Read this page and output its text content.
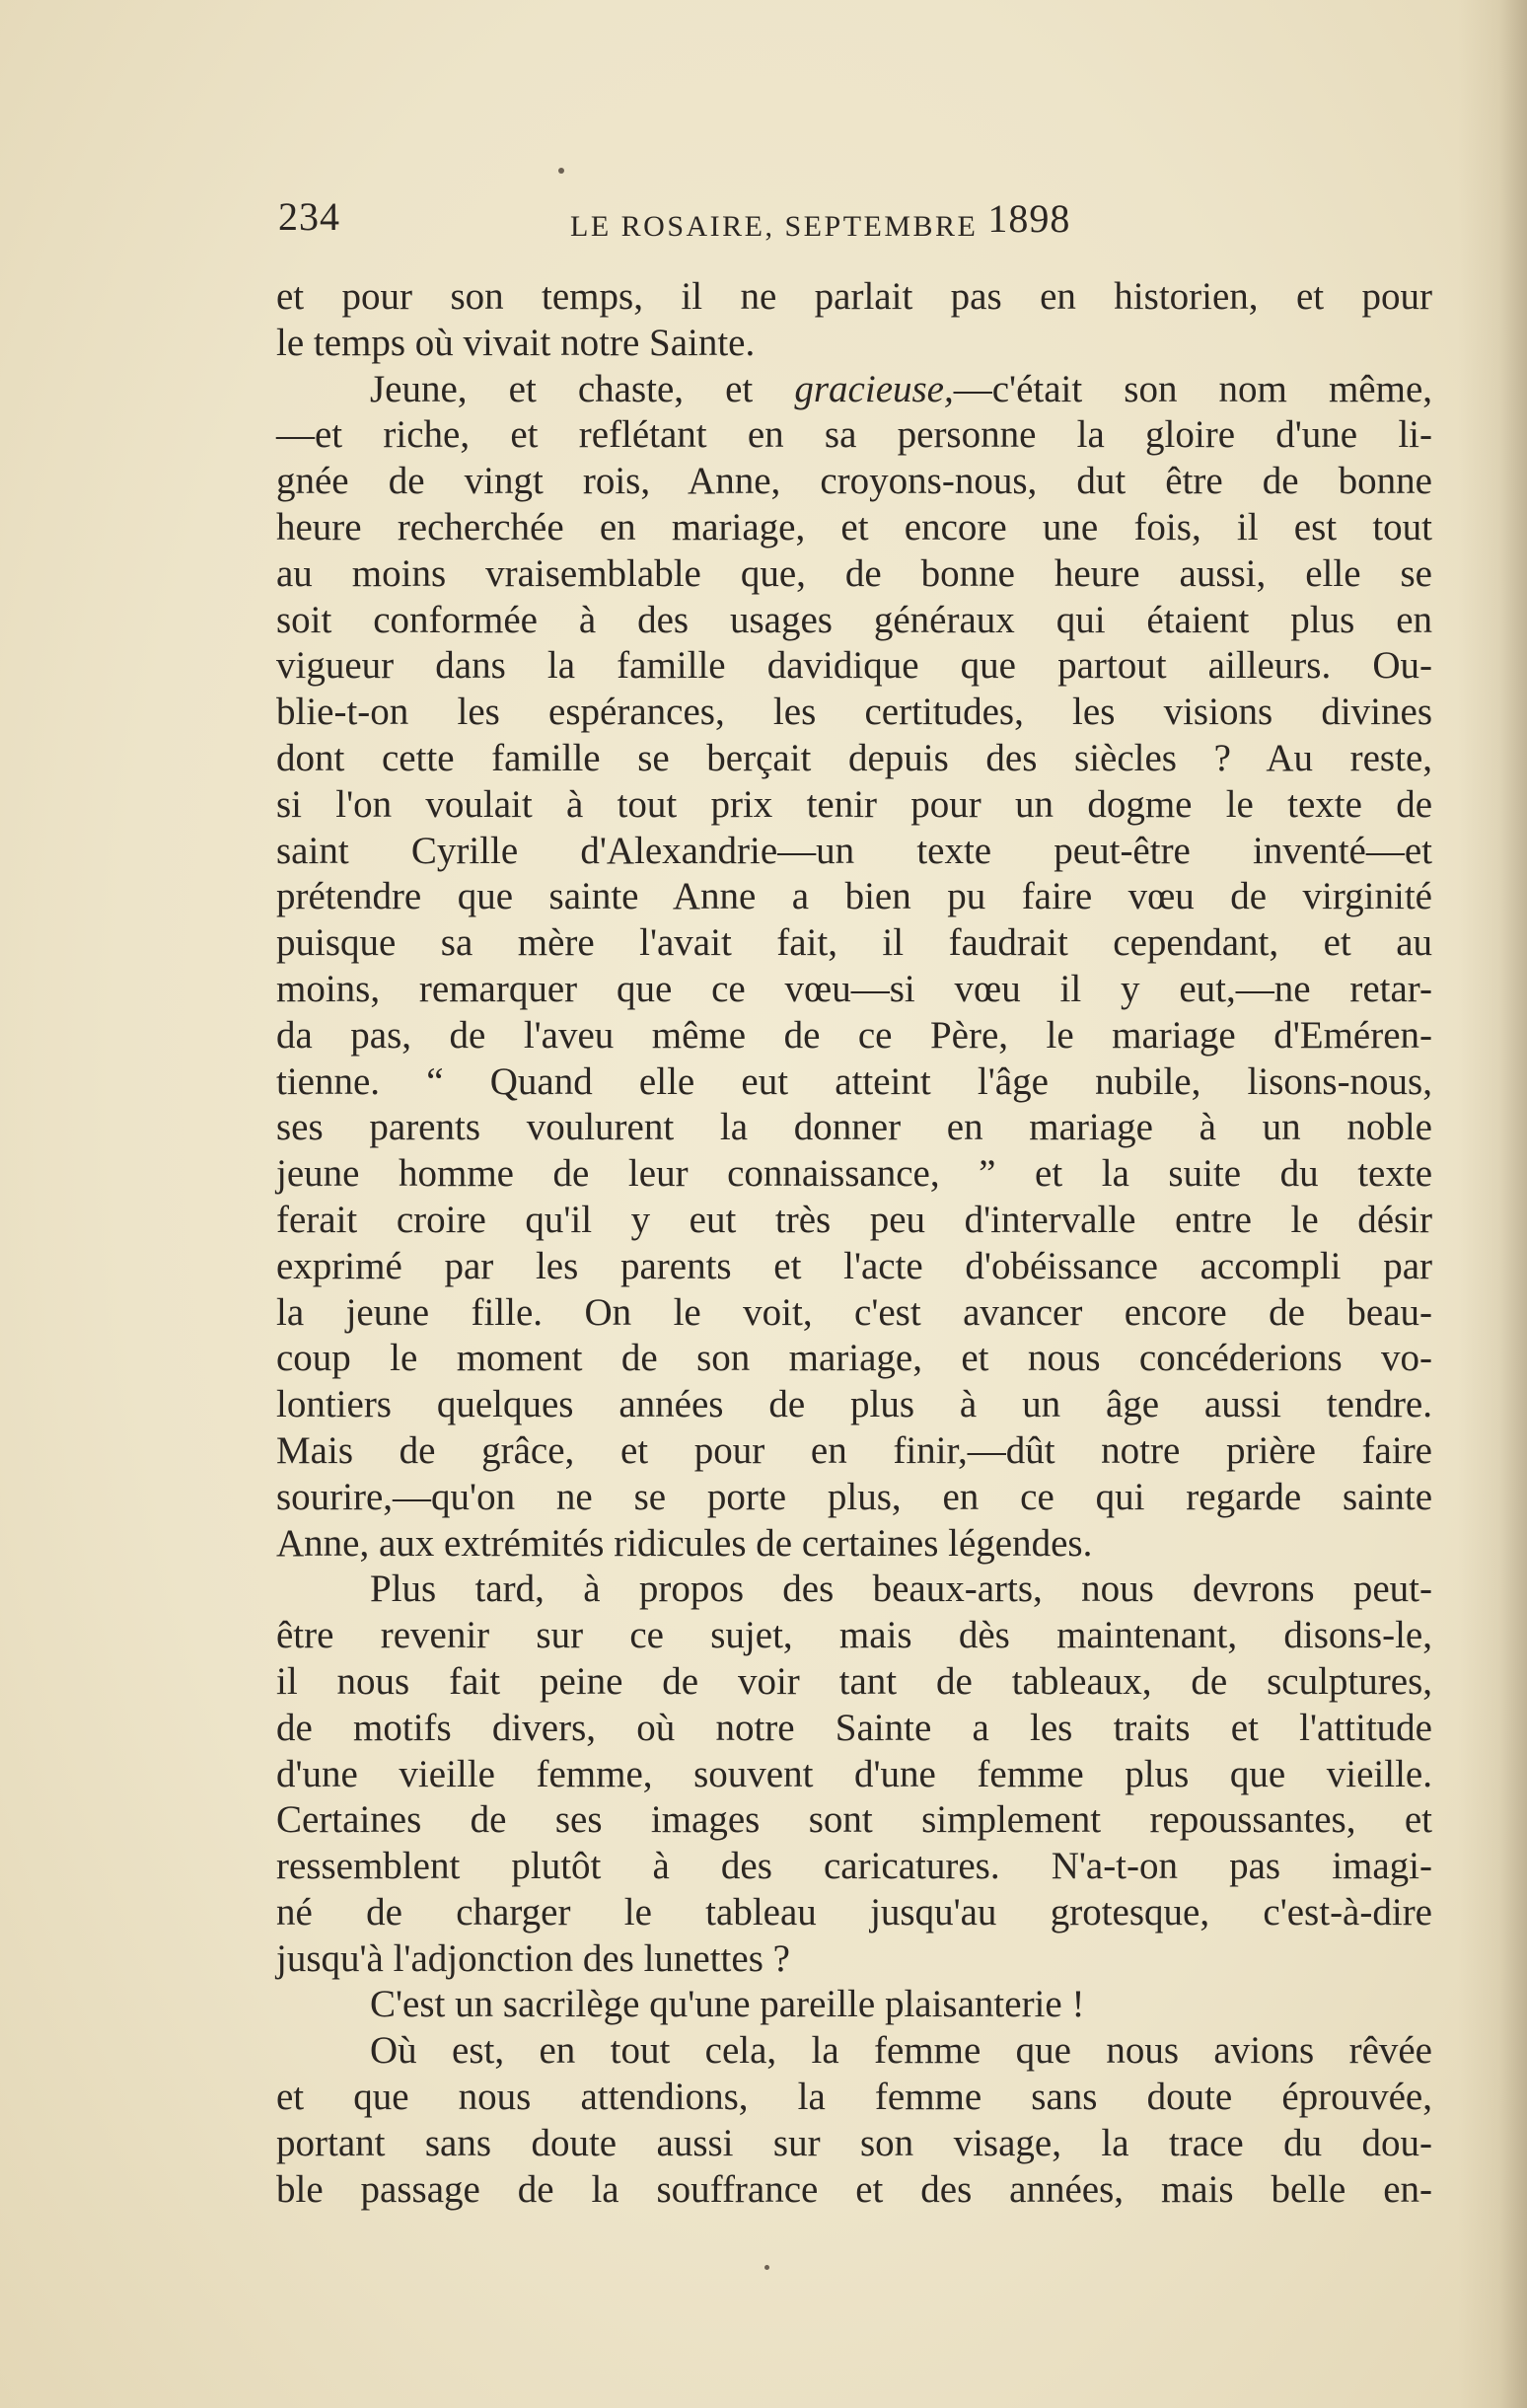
234	LE ROSAIRE, SEPTEMBRE 1898
et pour son temps, il ne parlait pas en historien, et pour
le temps où vivait notre Sainte.
Jeune, et chaste, et gracieuse,—c'était son nom même,
—et riche, et reflétant en sa personne la gloire d'une li-
gnée de vingt rois, Anne, croyons-nous, dut être de bonne
heure recherchée en mariage, et encore une fois, il est tout
au moins vraisemblable que, de bonne heure aussi, elle se
soit conformée à des usages généraux qui étaient plus en
vigueur dans la famille davidique que partout ailleurs. Ou-
blie-t-on les espérances, les certitudes, les visions divines
dont cette famille se berçait depuis des siècles ? Au reste,
si l'on voulait à tout prix tenir pour un dogme le texte de
saint Cyrille d'Alexandrie—un texte peut-être inventé—et
prétendre que sainte Anne a bien pu faire vœu de virginité
puisque sa mère l'avait fait, il faudrait cependant, et au
moins, remarquer que ce vœu—si vœu il y eut,—ne retar-
da pas, de l'aveu même de ce Père, le mariage d'Eméren-
tienne. “ Quand elle eut atteint l'âge nubile, lisons-nous,
ses parents voulurent la donner en mariage à un noble
jeune homme de leur connaissance, ” et la suite du texte
ferait croire qu'il y eut très peu d'intervalle entre le désir
exprimé par les parents et l'acte d'obéissance accompli par
la jeune fille. On le voit, c'est avancer encore de beau-
coup le moment de son mariage, et nous concéderions vo-
lontiers quelques années de plus à un âge aussi tendre.
Mais de grâce, et pour en finir,—dût notre prière faire
sourire,—qu'on ne se porte plus, en ce qui regarde sainte
Anne, aux extrémités ridicules de certaines légendes.
Plus tard, à propos des beaux-arts, nous devrons peut-
être revenir sur ce sujet, mais dès maintenant, disons-le,
il nous fait peine de voir tant de tableaux, de sculptures,
de motifs divers, où notre Sainte a les traits et l'attitude
d'une vieille femme, souvent d'une femme plus que vieille.
Certaines de ses images sont simplement repoussantes, et
ressemblent plutôt à des caricatures. N'a-t-on pas imagi-
né de charger le tableau jusqu'au grotesque, c'est-à-dire
jusqu'à l'adjonction des lunettes ?
C'est un sacrilège qu'une pareille plaisanterie !
Où est, en tout cela, la femme que nous avions rêvée
et que nous attendions, la femme sans doute éprouvée,
portant sans doute aussi sur son visage, la trace du dou-
ble passage de la souffrance et des années, mais belle en-
